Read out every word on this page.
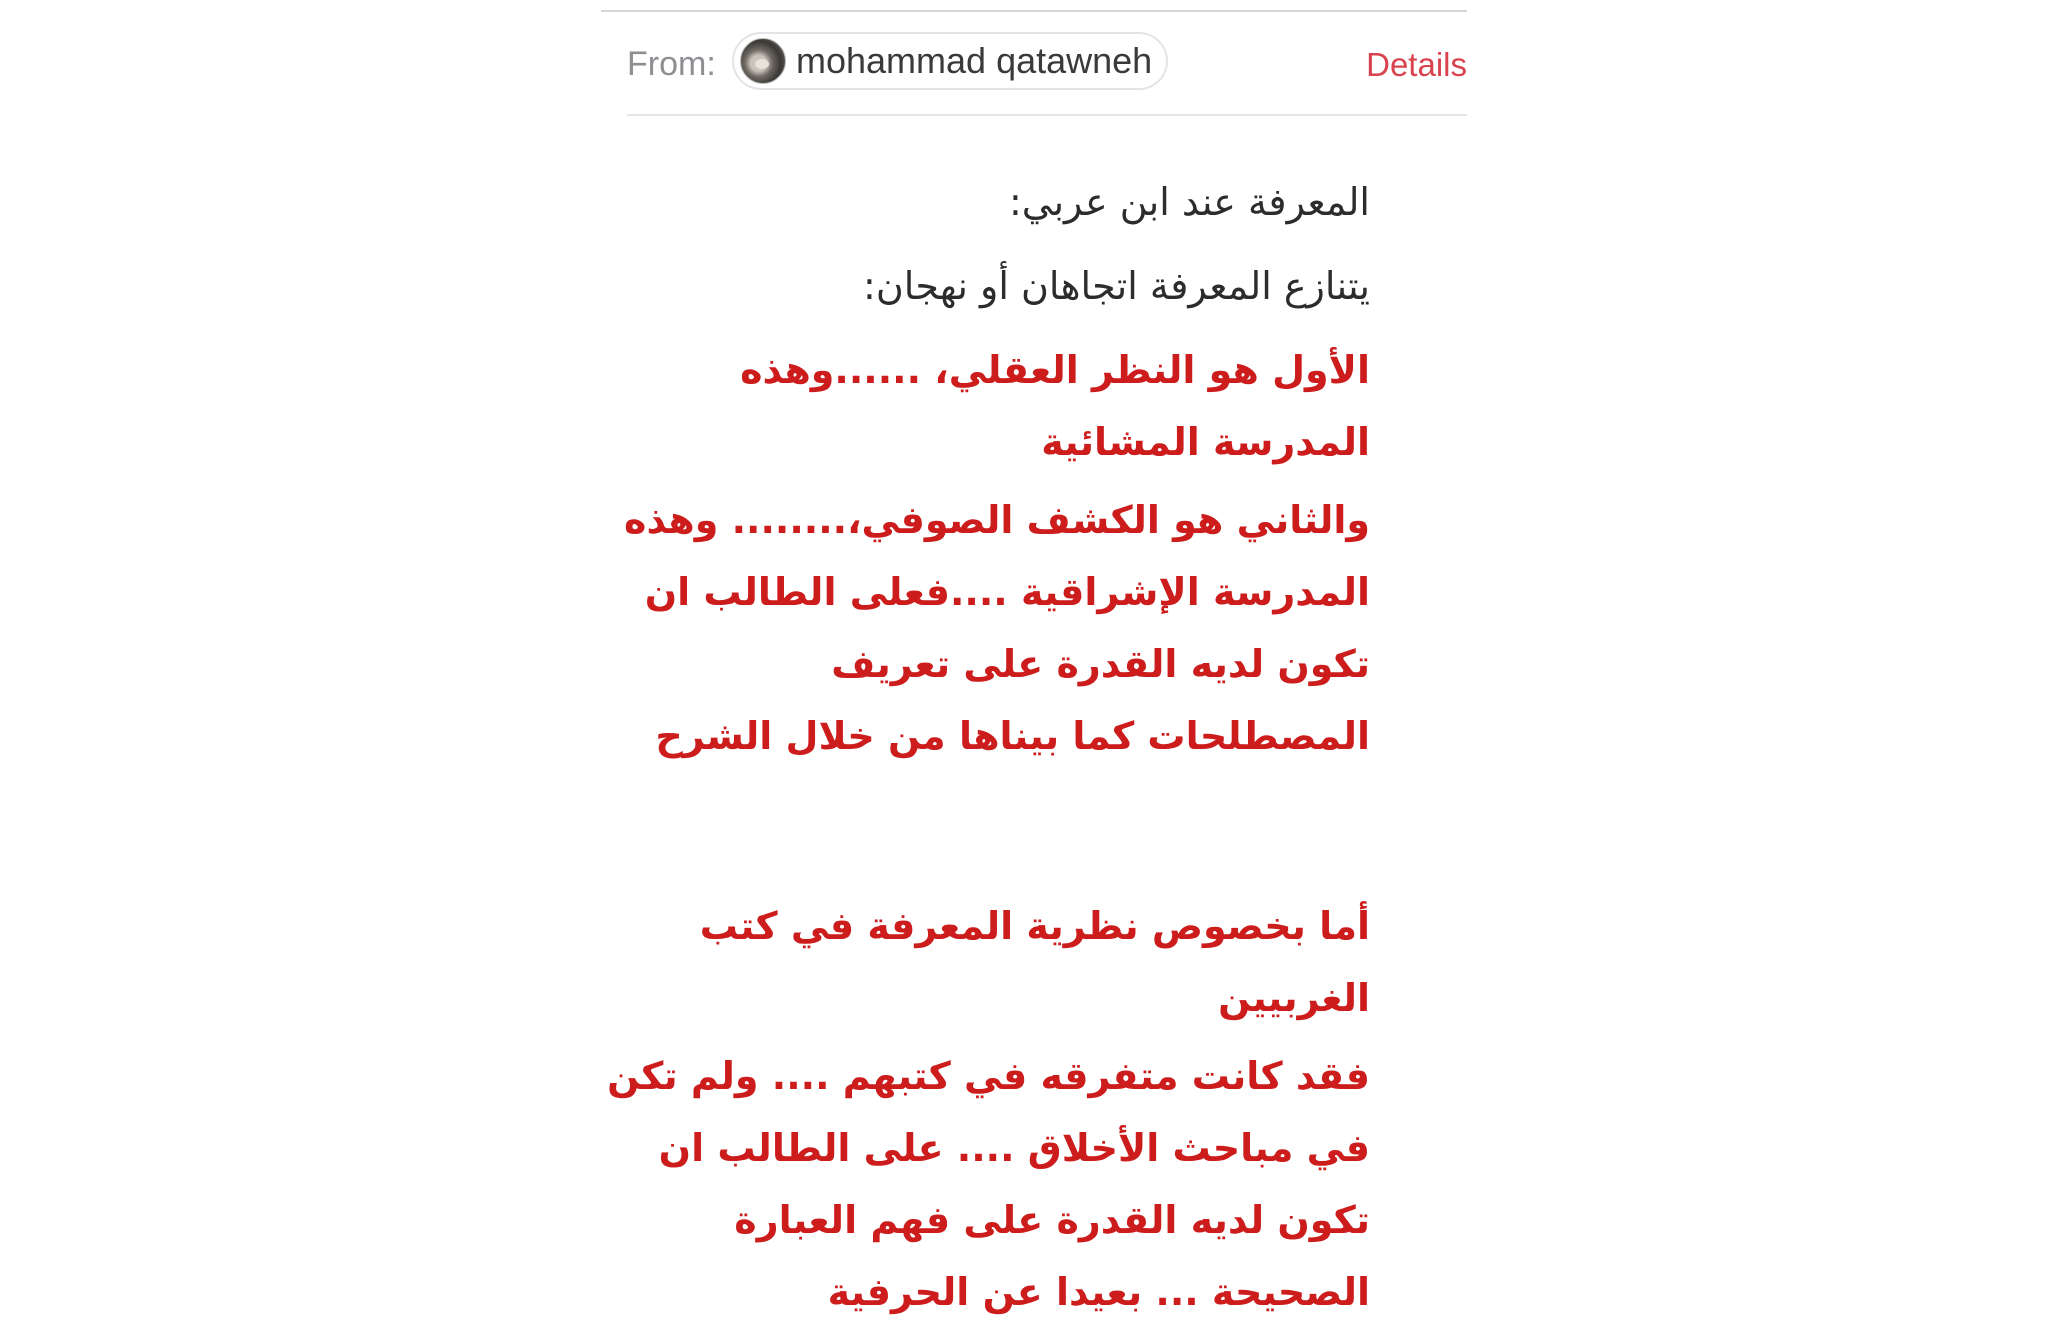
From: mohammad qatawneh	Details

المعرفة عند ابن عربي:

يتنازع المعرفة اتجاهان أو نهجان:

الأول هو النظر العقلي، ......وهذه المدرسة المشائية

والثاني هو الكشف الصوفي،........ وهذه المدرسة الإشراقية ....فعلى الطالب ان تكون لديه القدرة على تعريف المصطلحات كما بيناها من خلال الشرح

أما بخصوص نظرية المعرفة في كتب الغربيين

فقد كانت متفرقه في كتبهم .... ولم تكن في مباحث الأخلاق .... على الطالب ان تكون لديه القدرة على فهم العبارة الصحيحة ... بعيدا عن الحرفية
